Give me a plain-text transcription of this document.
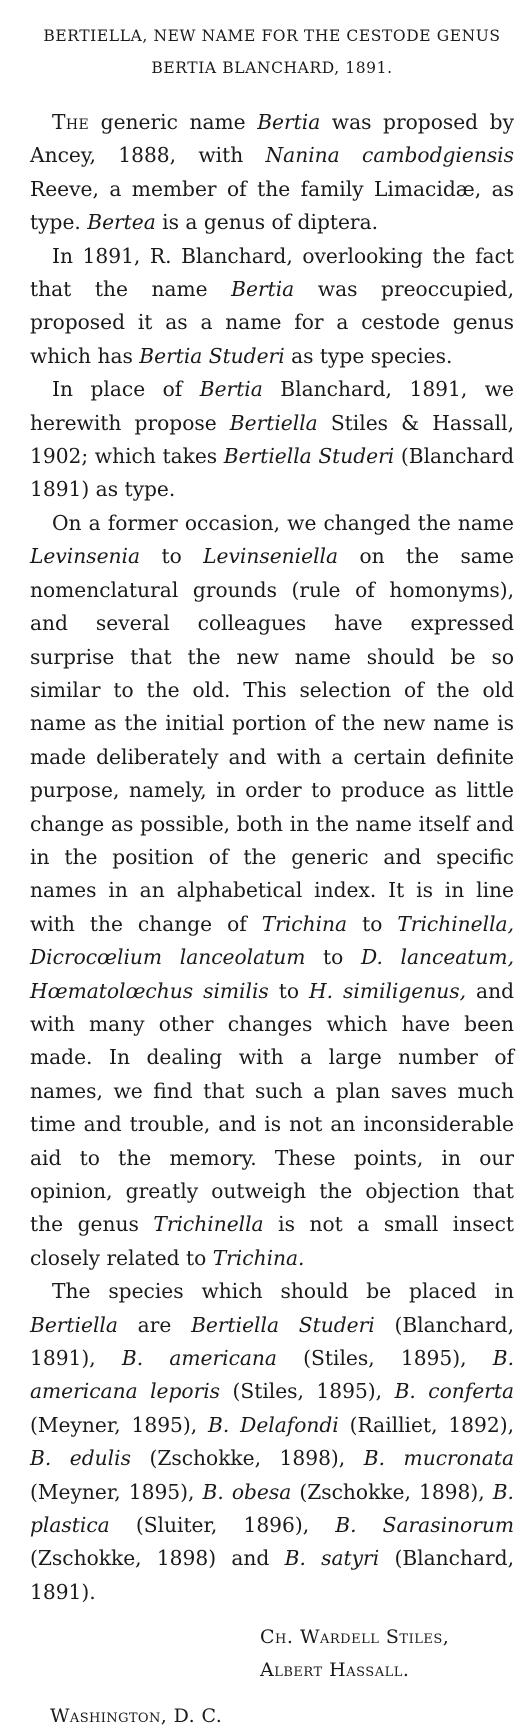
BERTIELLA, NEW NAME FOR THE CESTODE GENUS
BERTIA BLANCHARD, 1891.

The generic name Bertia was proposed by Ancey, 1888, with Nanina cambodgiensis Reeve, a member of the family Limacidæ, as type. Bertea is a genus of diptera.

In 1891, R. Blanchard, overlooking the fact that the name Bertia was preoccupied, proposed it as a name for a cestode genus which has Bertia Studeri as type species.

In place of Bertia Blanchard, 1891, we herewith propose Bertiella Stiles & Hassall, 1902; which takes Bertiella Studeri (Blanchard 1891) as type.

On a former occasion, we changed the name Levinsenia to Levinseniella on the same nomenclatural grounds (rule of homonyms), and several colleagues have expressed surprise that the new name should be so similar to the old. This selection of the old name as the initial portion of the new name is made deliberately and with a certain definite purpose, namely, in order to produce as little change as possible, both in the name itself and in the position of the generic and specific names in an alphabetical index. It is in line with the change of Trichina to Trichinella, Dicrocœlium lanceolatum to D. lanceatum, Hœmatolœchus similis to H. similigenus, and with many other changes which have been made. In dealing with a large number of names, we find that such a plan saves much time and trouble, and is not an inconsiderable aid to the memory. These points, in our opinion, greatly outweigh the objection that the genus Trichinella is not a small insect closely related to Trichina.

The species which should be placed in Bertiella are Bertiella Studeri (Blanchard, 1891), B. americana (Stiles, 1895), B. americana leporis (Stiles, 1895), B. conferta (Meyner, 1895), B. Delafondi (Railliet, 1892), B. edulis (Zschokke, 1898), B. mucronata (Meyner, 1895), B. obesa (Zschokke, 1898), B. plastica (Sluiter, 1896), B. Sarasinorum (Zschokke, 1898) and B. satyri (Blanchard, 1891).

Ch. Wardell Stiles,
Albert Hassall.
Washington, D. C.
